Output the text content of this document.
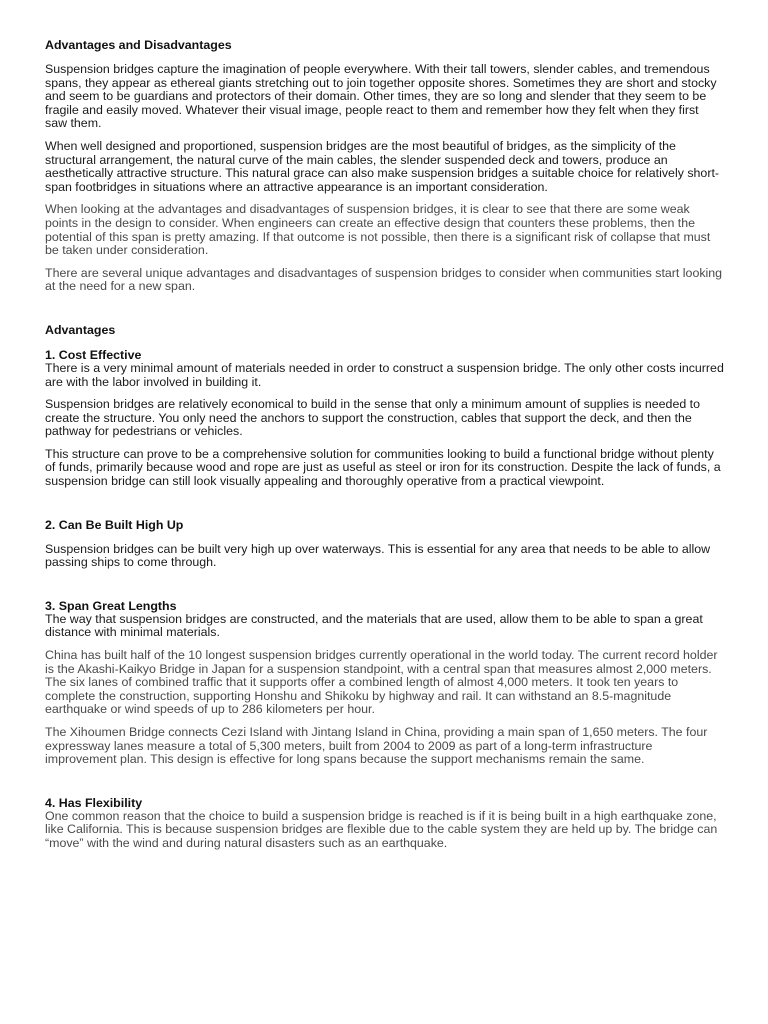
Advantages and Disadvantages

Suspension bridges capture the imagination of people everywhere. With their tall towers, slender cables, and tremendous spans, they appear as ethereal giants stretching out to join together opposite shores. Sometimes they are short and stocky and seem to be guardians and protectors of their domain. Other times, they are so long and slender that they seem to be fragile and easily moved. Whatever their visual image, people react to them and remember how they felt when they first saw them.

When well designed and proportioned, suspension bridges are the most beautiful of bridges, as the simplicity of the structural arrangement, the natural curve of the main cables, the slender suspended deck and towers, produce an aesthetically attractive structure. This natural grace can also make suspension bridges a suitable choice for relatively short-span footbridges in situations where an attractive appearance is an important consideration.

When looking at the advantages and disadvantages of suspension bridges, it is clear to see that there are some weak points in the design to consider. When engineers can create an effective design that counters these problems, then the potential of this span is pretty amazing. If that outcome is not possible, then there is a significant risk of collapse that must be taken under consideration.

There are several unique advantages and disadvantages of suspension bridges to consider when communities start looking at the need for a new span.

Advantages
1. Cost Effective

There is a very minimal amount of materials needed in order to construct a suspension bridge. The only other costs incurred are with the labor involved in building it.

Suspension bridges are relatively economical to build in the sense that only a minimum amount of supplies is needed to create the structure. You only need the anchors to support the construction, cables that support the deck, and then the pathway for pedestrians or vehicles.

This structure can prove to be a comprehensive solution for communities looking to build a functional bridge without plenty of funds, primarily because wood and rope are just as useful as steel or iron for its construction. Despite the lack of funds, a suspension bridge can still look visually appealing and thoroughly operative from a practical viewpoint.

2. Can Be Built High Up

Suspension bridges can be built very high up over waterways. This is essential for any area that needs to be able to allow passing ships to come through.

3. Span Great Lengths

The way that suspension bridges are constructed, and the materials that are used, allow them to be able to span a great distance with minimal materials.

China has built half of the 10 longest suspension bridges currently operational in the world today. The current record holder is the Akashi-Kaikyo Bridge in Japan for a suspension standpoint, with a central span that measures almost 2,000 meters. The six lanes of combined traffic that it supports offer a combined length of almost 4,000 meters. It took ten years to complete the construction, supporting Honshu and Shikoku by highway and rail. It can withstand an 8.5-magnitude earthquake or wind speeds of up to 286 kilometers per hour.

The Xihoumen Bridge connects Cezi Island with Jintang Island in China, providing a main span of 1,650 meters. The four expressway lanes measure a total of 5,300 meters, built from 2004 to 2009 as part of a long-term infrastructure improvement plan. This design is effective for long spans because the support mechanisms remain the same.

4. Has Flexibility

One common reason that the choice to build a suspension bridge is reached is if it is being built in a high earthquake zone, like California. This is because suspension bridges are flexible due to the cable system they are held up by. The bridge can “move” with the wind and during natural disasters such as an earthquake.
